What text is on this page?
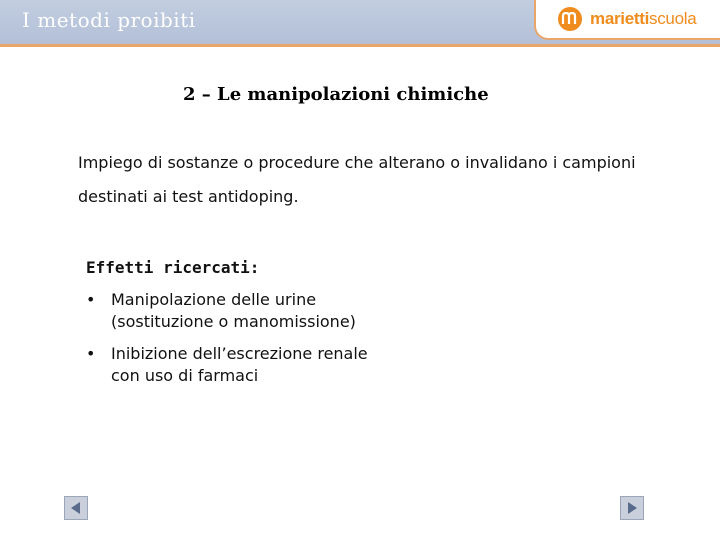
I metodi proibiti	mariettiscuola
2 – Le manipolazioni chimiche
Impiego di sostanze o procedure che alterano o invalidano i campioni destinati ai test antidoping.
Effetti ricercati:
• Manipolazione delle urine (sostituzione o manomissione)
• Inibizione dell’escrezione renale con uso di farmaci
